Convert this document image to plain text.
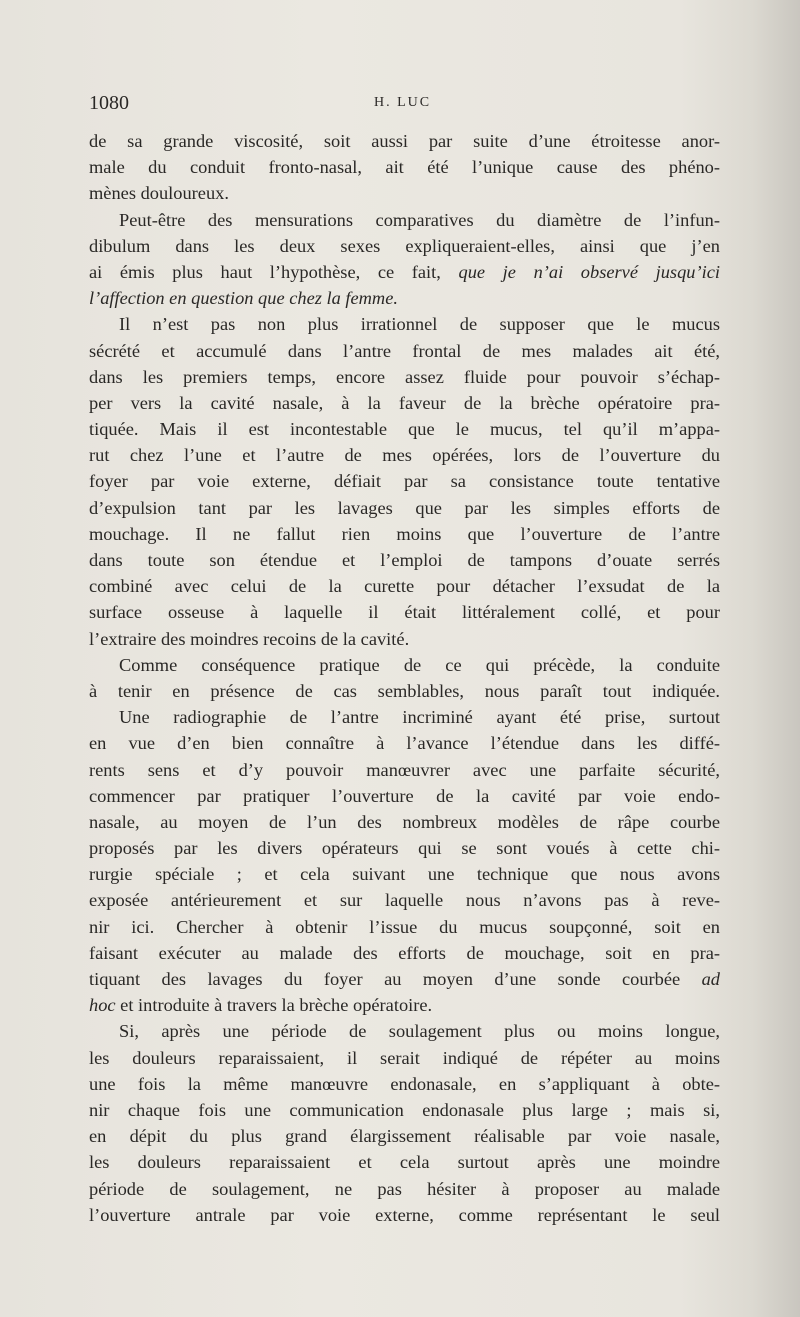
1080	H. LUC
de sa grande viscosité, soit aussi par suite d’une étroitesse anor-
male du conduit fronto-nasal, ait été l’unique cause des phéno-
mènes douloureux.
Peut-être des mensurations comparatives du diamètre de l’infun-
dibulum dans les deux sexes expliqueraient-elles, ainsi que j’en
ai émis plus haut l’hypothèse, ce fait, que je n’ai observé jusqu’ici
l’affection en question que chez la femme.
Il n’est pas non plus irrationnel de supposer que le mucus
sécrété et accumulé dans l’antre frontal de mes malades ait été,
dans les premiers temps, encore assez fluide pour pouvoir s’échap-
per vers la cavité nasale, à la faveur de la brèche opératoire pra-
tiquée. Mais il est incontestable que le mucus, tel qu’il m’appa-
rut chez l’une et l’autre de mes opérées, lors de l’ouverture du
foyer par voie externe, défiait par sa consistance toute tentative
d’expulsion tant par les lavages que par les simples efforts de
mouchage. Il ne fallut rien moins que l’ouverture de l’antre
dans toute son étendue et l’emploi de tampons d’ouate serrés
combiné avec celui de la curette pour détacher l’exsudat de la
surface osseuse à laquelle il était littéralement collé, et pour
l’extraire des moindres recoins de la cavité.
Comme conséquence pratique de ce qui précède, la conduite
à tenir en présence de cas semblables, nous paraît tout indiquée.
Une radiographie de l’antre incriminé ayant été prise, surtout
en vue d’en bien connaître à l’avance l’étendue dans les diffé-
rents sens et d’y pouvoir manœuvrer avec une parfaite sécurité,
commencer par pratiquer l’ouverture de la cavité par voie endo-
nasale, au moyen de l’un des nombreux modèles de râpe courbe
proposés par les divers opérateurs qui se sont voués à cette chi-
rurgie spéciale ; et cela suivant une technique que nous avons
exposée antérieurement et sur laquelle nous n’avons pas à reve-
nir ici. Chercher à obtenir l’issue du mucus soupçonné, soit en
faisant exécuter au malade des efforts de mouchage, soit en pra-
tiquant des lavages du foyer au moyen d’une sonde courbée ad
hoc et introduite à travers la brèche opératoire.
Si, après une période de soulagement plus ou moins longue,
les douleurs reparaissaient, il serait indiqué de répéter au moins
une fois la même manœuvre endonasale, en s’appliquant à obte-
nir chaque fois une communication endonasale plus large ; mais si,
en dépit du plus grand élargissement réalisable par voie nasale,
les douleurs reparaissaient et cela surtout après une moindre
période de soulagement, ne pas hésiter à proposer au malade
l’ouverture antrale par voie externe, comme représentant le seul
